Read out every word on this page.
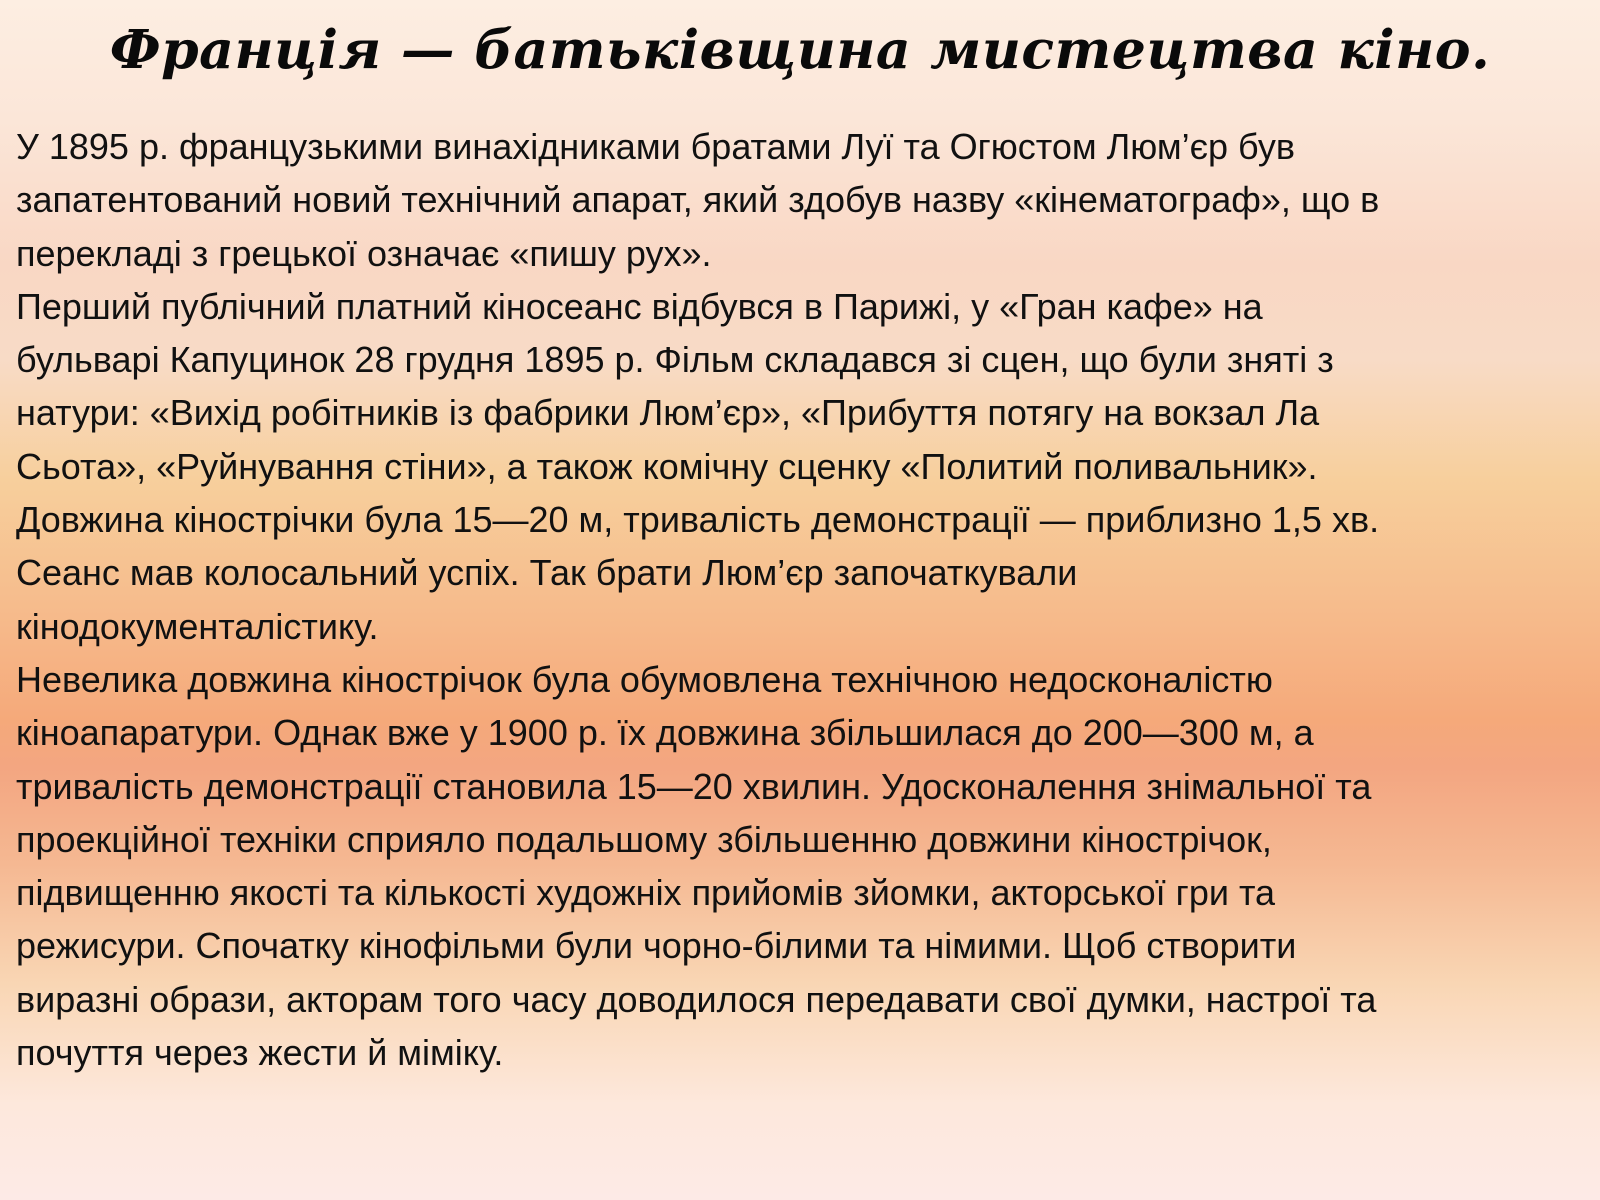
Франція — батьківщина мистецтва кіно.
У 1895 р. французькими винахідниками братами Луї та Огюстом Люм’єр був
запатентований новий технічний апарат, який здобув назву «кінематограф», що в
перекладі з грецької означає «пишу рух».
Перший публічний платний кіносеанс відбувся в Парижі, у «Гран кафе» на
бульварі Капуцинок 28 грудня 1895 р. Фільм складався зі сцен, що були зняті з
натури: «Вихід робітників із фабрики Люм’єр», «Прибуття потягу на вокзал Ла
Сьота», «Руйнування стіни», а також комічну сценку «Политий поливальник».
Довжина кінострічки була 15—20 м, тривалість демонстрації — приблизно 1,5 хв.
Сеанс мав колосальний успіх. Так брати Люм’єр започаткували
кінодокументалістику.
Невелика довжина кінострічок була обумовлена технічною недосконалістю
кіноапаратури. Однак вже у 1900 р. їх довжина збільшилася до 200—300 м, а
тривалість демонстрації становила 15—20 хвилин. Удосконалення знімальної та
проекційної техніки сприяло подальшому збільшенню довжини кінострічок,
підвищенню якості та кількості художніх прийомів зйомки, акторської гри та
режисури. Спочатку кінофільми були чорно-білими та німими. Щоб створити
виразні образи, акторам того часу доводилося передавати свої думки, настрої та
почуття через жести й міміку.
